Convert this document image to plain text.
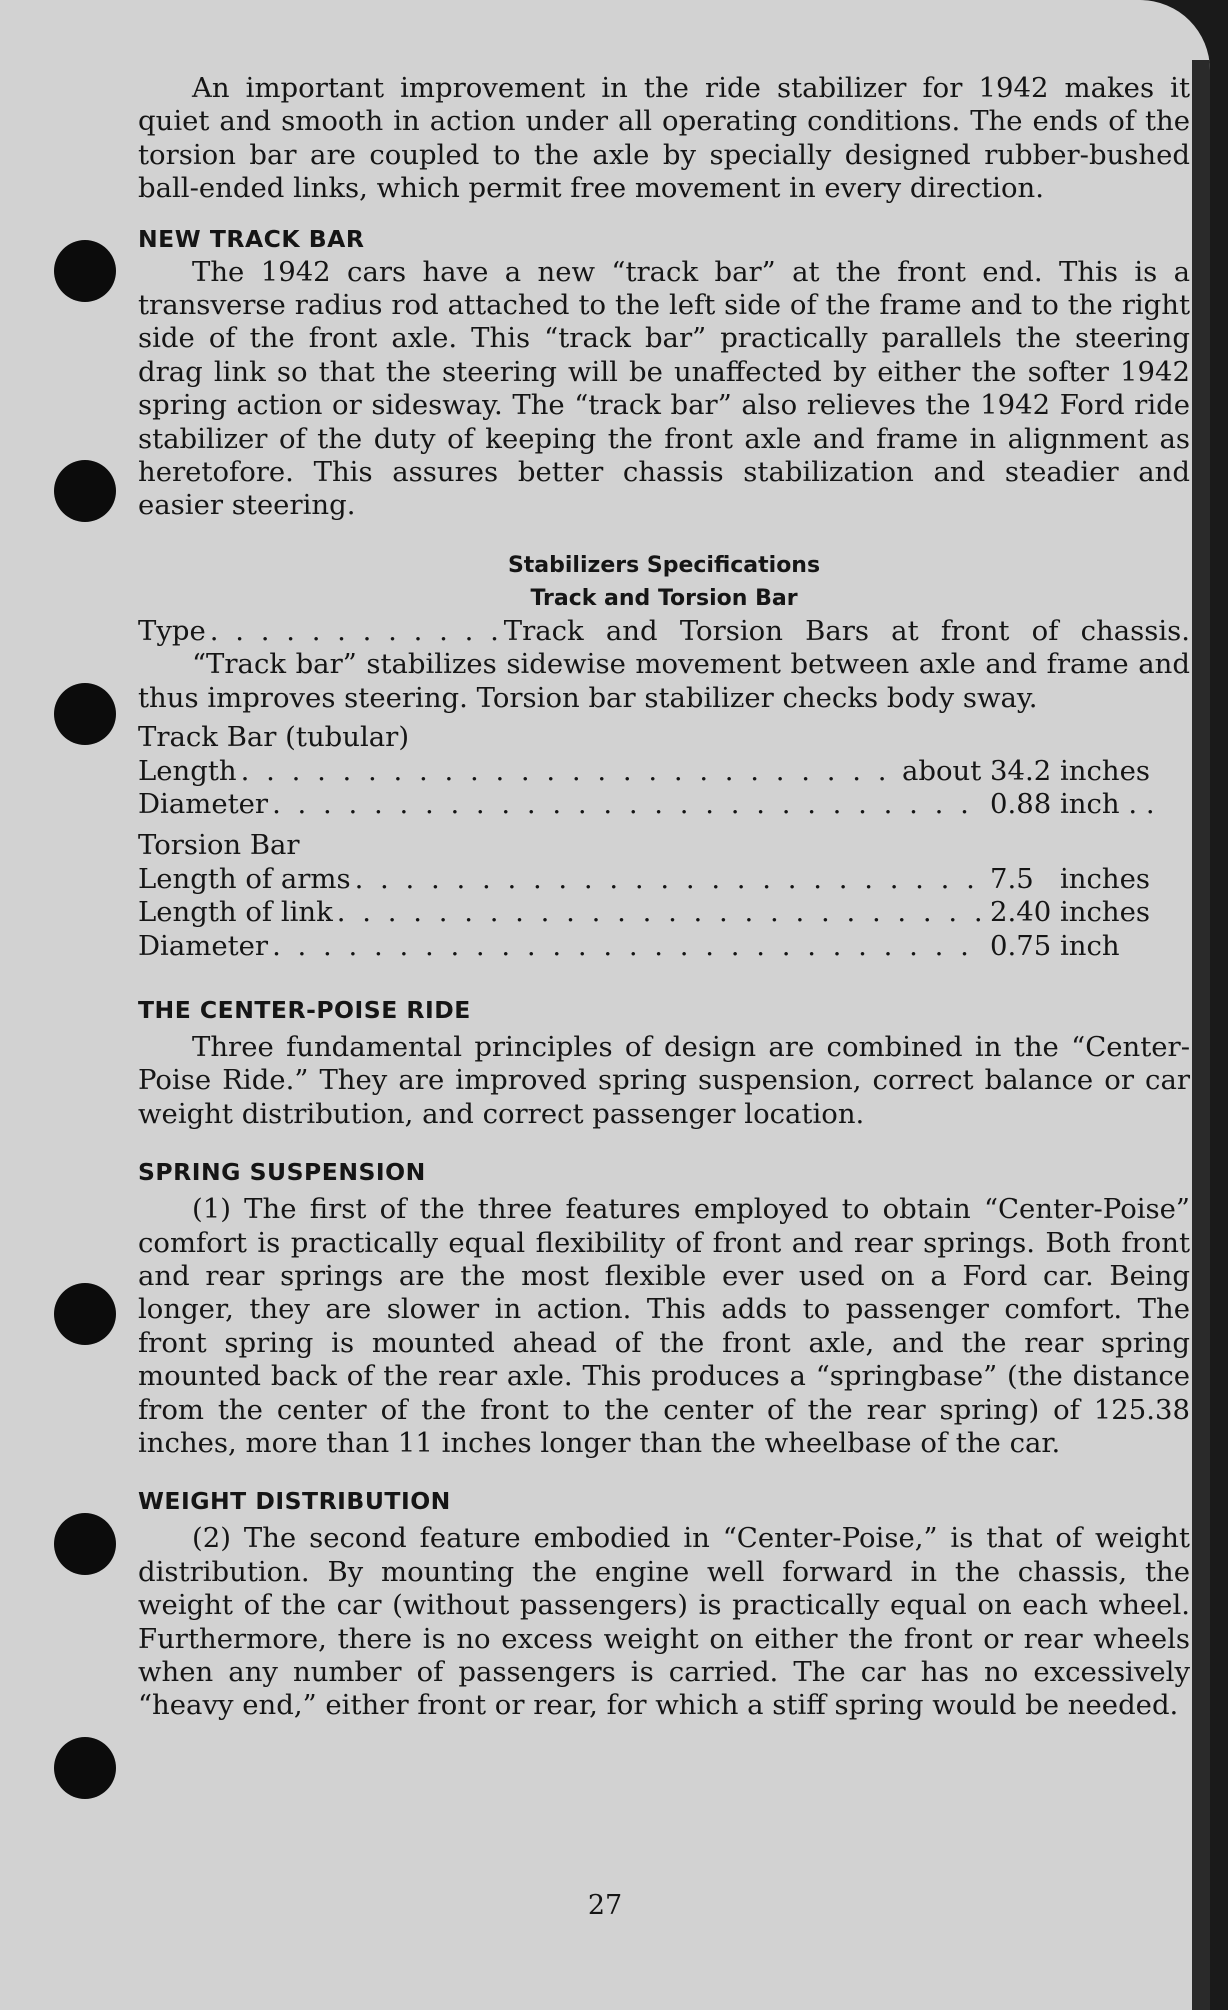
An important improvement in the ride stabilizer for 1942 makes it quiet and smooth in action under all operating conditions. The ends of the torsion bar are coupled to the axle by specially designed rubber-bushed ball-ended links, which permit free movement in every direction.

NEW TRACK BAR

The 1942 cars have a new “track bar” at the front end. This is a transverse radius rod attached to the left side of the frame and to the right side of the front axle. This “track bar” practically parallels the steering drag link so that the steering will be unaffected by either the softer 1942 spring action or sidesway. The “track bar” also relieves the 1942 Ford ride stabilizer of the duty of keeping the front axle and frame in alignment as heretofore. This assures better chassis stabilization and steadier and easier steering.

Stabilizers Specifications
Track and Torsion Bar
Type . . .	Track and Torsion Bars at front of chassis.

“Track bar” stabilizes sidewise movement between axle and frame and thus improves steering. Torsion bar stabilizer checks body sway.

Track Bar (tubular)

Length . . .	about 34.2 inches
Diameter . . .	0.88 inch . .

Torsion Bar

Length of arms . . .	7.5 inches
Length of link . . .	2.40 inches
Diameter . . .	0.75 inch
THE CENTER-POISE RIDE

Three fundamental principles of design are combined in the “Center-Poise Ride.” They are improved spring suspension, correct balance or car weight distribution, and correct passenger location.

SPRING SUSPENSION

(1) The first of the three features employed to obtain “Center-Poise” comfort is practically equal flexibility of front and rear springs. Both front and rear springs are the most flexible ever used on a Ford car. Being longer, they are slower in action. This adds to passenger comfort. The front spring is mounted ahead of the front axle, and the rear spring mounted back of the rear axle. This produces a “springbase” (the distance from the center of the front to the center of the rear spring) of 125.38 inches, more than 11 inches longer than the wheelbase of the car.

WEIGHT DISTRIBUTION

(2) The second feature embodied in “Center-Poise,” is that of weight distribution. By mounting the engine well forward in the chassis, the weight of the car (without passengers) is practically equal on each wheel. Furthermore, there is no excess weight on either the front or rear wheels when any number of passengers is carried. The car has no excessively “heavy end,” either front or rear, for which a stiff spring would be needed.

27
